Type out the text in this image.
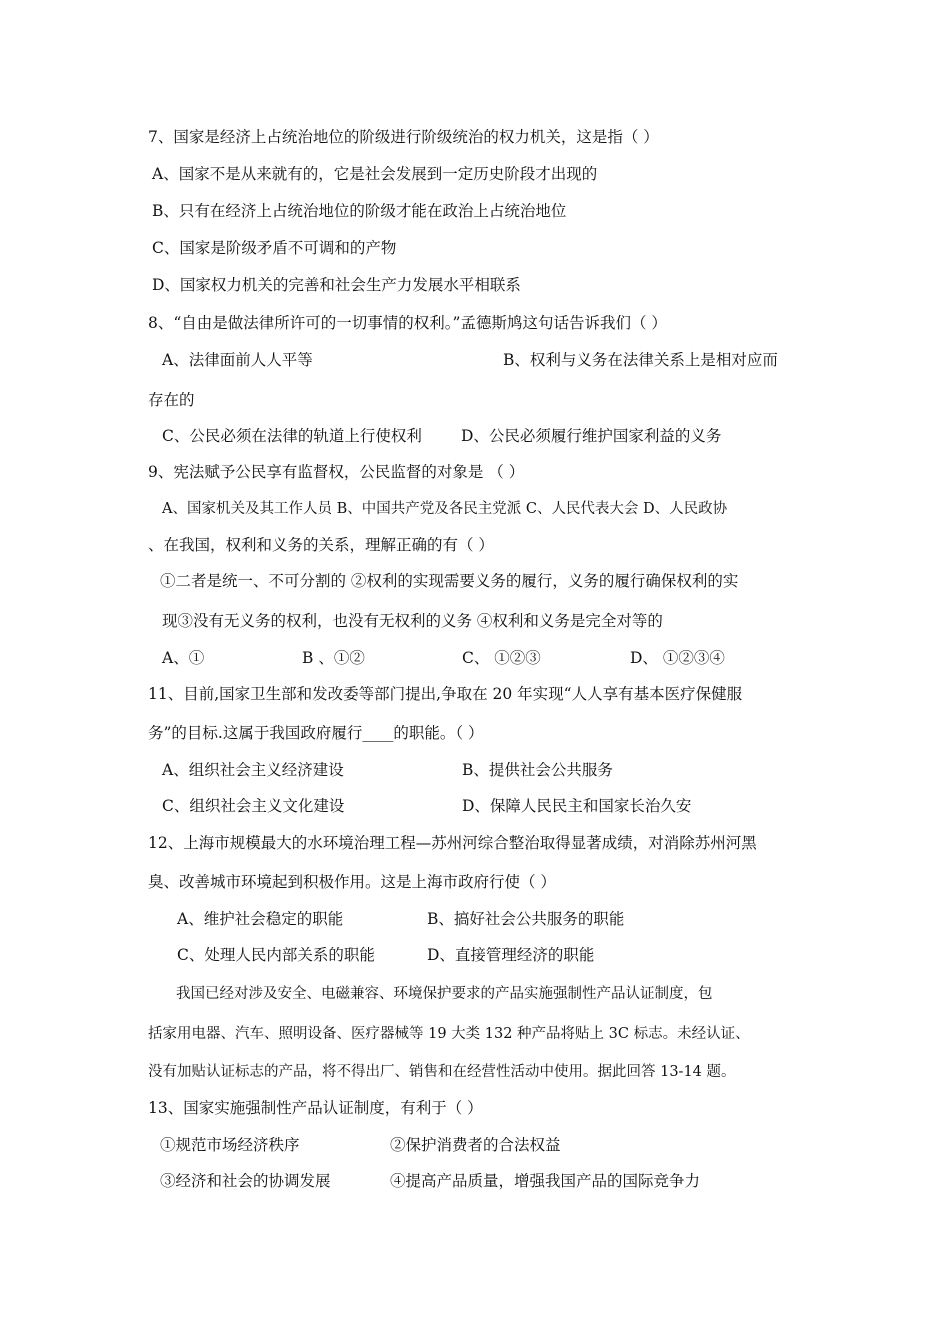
7、国家是经济上占统治地位的阶级进行阶级统治的权力机关，这是指（ ）
A、国家不是从来就有的，它是社会发展到一定历史阶段才出现的
B、只有在经济上占统治地位的阶级才能在政治上占统治地位
C、国家是阶级矛盾不可调和的产物
D、国家权力机关的完善和社会生产力发展水平相联系
8、“自由是做法律所许可的一切事情的权利。”孟德斯鸠这句话告诉我们（ ）
A、法律面前人人平等	B、权利与义务在法律关系上是相对应而
存在的
C、公民必须在法律的轨道上行使权利	D、公民必须履行维护国家利益的义务
9、宪法赋予公民享有监督权，公民监督的对象是 （ ）
A、国家机关及其工作人员 B、中国共产党及各民主党派 C、人民代表大会 D、人民政协
、在我国，权利和义务的关系，理解正确的有（ ）
①二者是统一、不可分割的 ②权利的实现需要义务的履行，义务的履行确保权利的实
现③没有无义务的权利，也没有无权利的义务 ④权利和义务是完全对等的
A、①	B 、①②	C、 ①②③	D、 ①②③④
11、目前,国家卫生部和发改委等部门提出,争取在 20 年实现“人人享有基本医疗保健服
务”的目标.这属于我国政府履行____的职能。（ ）
A、组织社会主义经济建设	B、提供社会公共服务
C、组织社会主义文化建设	D、保障人民民主和国家长治久安
12、上海市规模最大的水环境治理工程—苏州河综合整治取得显著成绩，对消除苏州河黑
臭、改善城市环境起到积极作用。这是上海市政府行使（ ）
A、维护社会稳定的职能	B、搞好社会公共服务的职能
C、处理人民内部关系的职能	D、直接管理经济的职能
我国已经对涉及安全、电磁兼容、环境保护要求的产品实施强制性产品认证制度，包
括家用电器、汽车、照明设备、医疗器械等 19 大类 132 种产品将贴上 3C 标志。未经认证、
没有加贴认证标志的产品，将不得出厂、销售和在经营性活动中使用。据此回答 13-14 题。
13、国家实施强制性产品认证制度，有利于（ ）
①规范市场经济秩序	②保护消费者的合法权益
③经济和社会的协调发展	④提高产品质量，增强我国产品的国际竞争力
